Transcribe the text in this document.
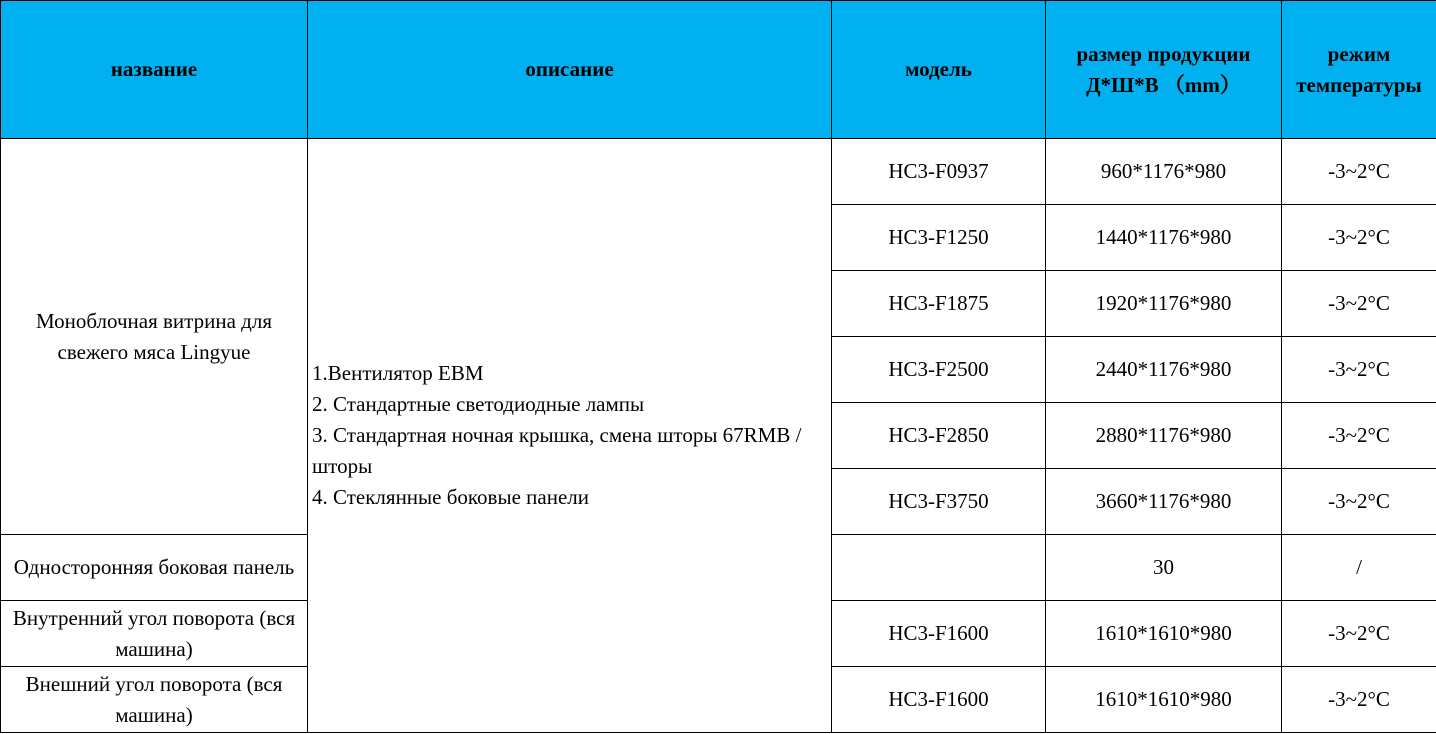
название	описание	модель	размер продукции Д*Ш*В （mm）	режим температуры
Моноблочная витрина для свежего мяса Lingyue	1.Вентилятор EBM
2. Стандартные светодиодные лампы
3. Стандартная ночная крышка, смена шторы 67RMB / шторы
4. Стеклянные боковые панели	HC3-F0937	960*1176*980	-3~2°C
		HC3-F1250	1440*1176*980	-3~2°C
		HC3-F1875	1920*1176*980	-3~2°C
		HC3-F2500	2440*1176*980	-3~2°C
		HC3-F2850	2880*1176*980	-3~2°C
		HC3-F3750	3660*1176*980	-3~2°C
Односторонняя боковая панель			30	/
Внутренний угол поворота (вся машина)		HC3-F1600	1610*1610*980	-3~2°C
Внешний угол поворота (вся машина)		HC3-F1600	1610*1610*980	-3~2°C
